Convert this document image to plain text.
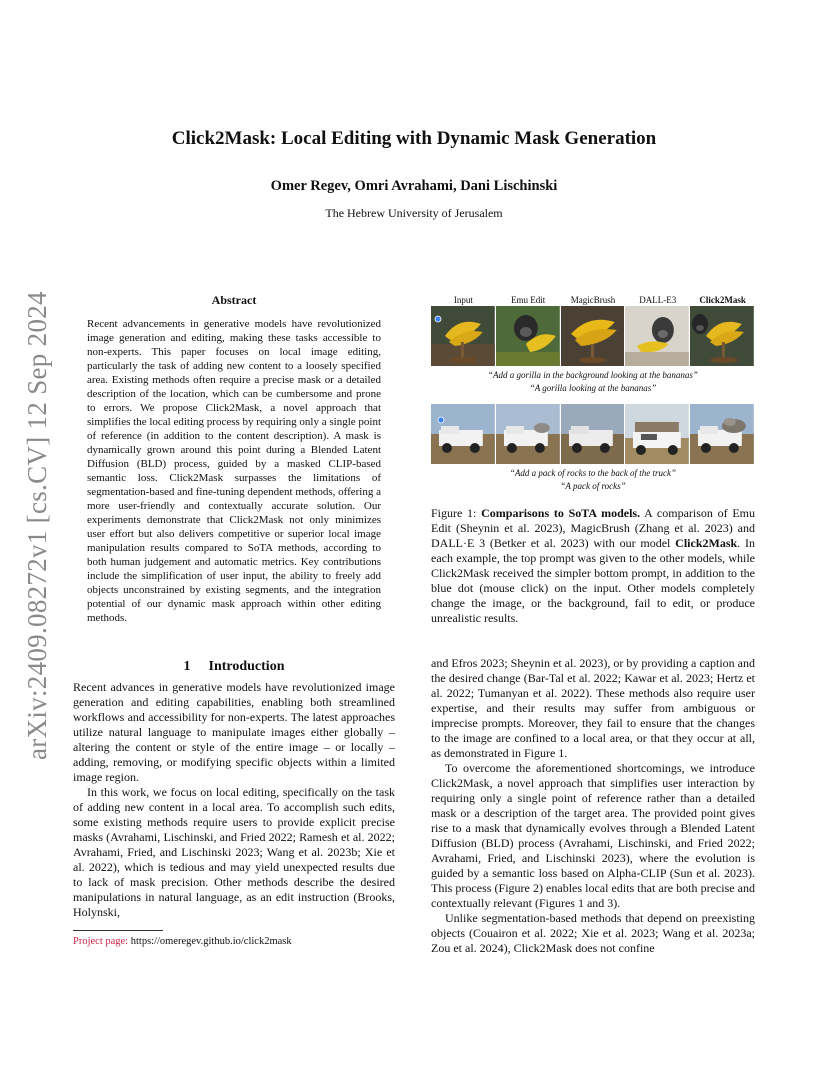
arXiv:2409.08272v1 [cs.CV] 12 Sep 2024
Click2Mask: Local Editing with Dynamic Mask Generation
Omer Regev, Omri Avrahami, Dani Lischinski
The Hebrew University of Jerusalem
Abstract

Recent advancements in generative models have revolutionized image generation and editing, making these tasks accessible to non-experts. This paper focuses on local image editing, particularly the task of adding new content to a loosely specified area. Existing methods often require a precise mask or a detailed description of the location, which can be cumbersome and prone to errors. We propose Click2Mask, a novel approach that simplifies the local editing process by requiring only a single point of reference (in addition to the content description). A mask is dynamically grown around this point during a Blended Latent Diffusion (BLD) process, guided by a masked CLIP-based semantic loss. Click2Mask surpasses the limitations of segmentation-based and fine-tuning dependent methods, offering a more user-friendly and contextually accurate solution. Our experiments demonstrate that Click2Mask not only minimizes user effort but also delivers competitive or superior local image manipulation results compared to SoTA methods, according to both human judgement and automatic metrics. Key contributions include the simplification of user input, the ability to freely add objects unconstrained by existing segments, and the integration potential of our dynamic mask approach within other editing methods.

1 Introduction

Recent advances in generative models have revolutionized image generation and editing capabilities, enabling both streamlined workflows and accessibility for non-experts. The latest approaches utilize natural language to manipulate images either globally – altering the content or style of the entire image – or locally – adding, removing, or modifying specific objects within a limited image region.

In this work, we focus on local editing, specifically on the task of adding new content in a local area. To accomplish such edits, some existing methods require users to provide explicit precise masks (Avrahami, Lischinski, and Fried 2022; Ramesh et al. 2022; Avrahami, Fried, and Lischinski 2023; Wang et al. 2023b; Xie et al. 2022), which is tedious and may yield unexpected results due to lack of mask precision. Other methods describe the desired manipulations in natural language, as an edit instruction (Brooks, Holynski,

Project page: https://omeregev.github.io/click2mask
Input	Emu Edit	MagicBrush	DALL-E3	Click2Mask
“Add a gorilla in the background looking at the bananas”
“A gorilla looking at the bananas”
“Add a pack of rocks to the back of the truck”
“A pack of rocks”
Figure 1: Comparisons to SoTA models. A comparison of Emu Edit (Sheynin et al. 2023), MagicBrush (Zhang et al. 2023) and DALL·E 3 (Betker et al. 2023) with our model Click2Mask. In each example, the top prompt was given to the other models, while Click2Mask received the simpler bottom prompt, in addition to the blue dot (mouse click) on the input. Other models completely change the image, or the background, fail to edit, or produce unrealistic results.

and Efros 2023; Sheynin et al. 2023), or by providing a caption and the desired change (Bar-Tal et al. 2022; Kawar et al. 2023; Hertz et al. 2022; Tumanyan et al. 2022). These methods also require user expertise, and their results may suffer from ambiguous or imprecise prompts. Moreover, they fail to ensure that the changes to the image are confined to a local area, or that they occur at all, as demonstrated in Figure 1.

To overcome the aforementioned shortcomings, we introduce Click2Mask, a novel approach that simplifies user interaction by requiring only a single point of reference rather than a detailed mask or a description of the target area. The provided point gives rise to a mask that dynamically evolves through a Blended Latent Diffusion (BLD) process (Avrahami, Lischinski, and Fried 2022; Avrahami, Fried, and Lischinski 2023), where the evolution is guided by a semantic loss based on Alpha-CLIP (Sun et al. 2023). This process (Figure 2) enables local edits that are both precise and contextually relevant (Figures 1 and 3).

Unlike segmentation-based methods that depend on preexisting objects (Couairon et al. 2022; Xie et al. 2023; Wang et al. 2023a; Zou et al. 2024), Click2Mask does not confine
